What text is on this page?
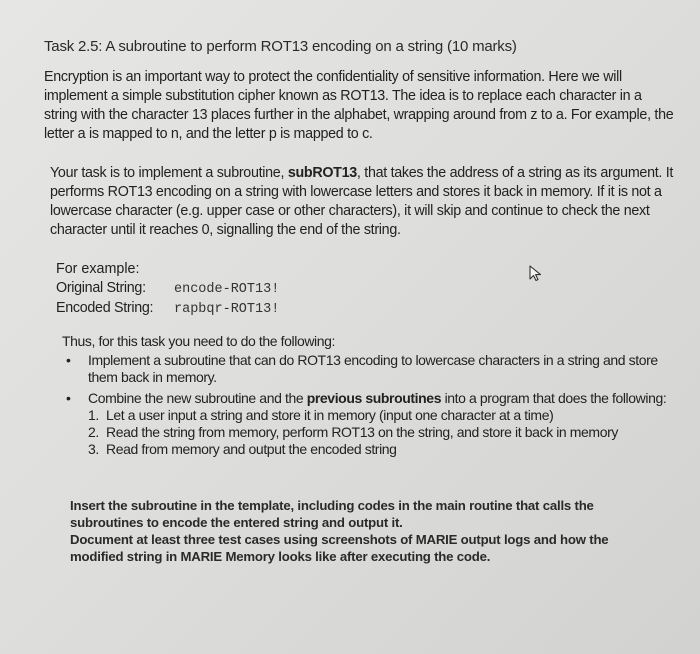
Task 2.5: A subroutine to perform ROT13 encoding on a string (10 marks)
Encryption is an important way to protect the confidentiality of sensitive information. Here we will implement a simple substitution cipher known as ROT13. The idea is to replace each character in a string with the character 13 places further in the alphabet, wrapping around from z to a. For example, the letter a is mapped to n, and the letter p is mapped to c.
Your task is to implement a subroutine, subROT13, that takes the address of a string as its argument. It performs ROT13 encoding on a string with lowercase letters and stores it back in memory. If it is not a lowercase character (e.g. upper case or other characters), it will skip and continue to check the next character until it reaches 0, signalling the end of the string.
For example:
Original String: encode-ROT13!
Encoded String: rapbqr-ROT13!
Thus, for this task you need to do the following:
• Implement a subroutine that can do ROT13 encoding to lowercase characters in a string and store them back in memory.
• Combine the new subroutine and the previous subroutines into a program that does the following:
1. Let a user input a string and store it in memory (input one character at a time)
2. Read the string from memory, perform ROT13 on the string, and store it back in memory
3. Read from memory and output the encoded string
Insert the subroutine in the template, including codes in the main routine that calls the subroutines to encode the entered string and output it.
Document at least three test cases using screenshots of MARIE output logs and how the modified string in MARIE Memory looks like after executing the code.
